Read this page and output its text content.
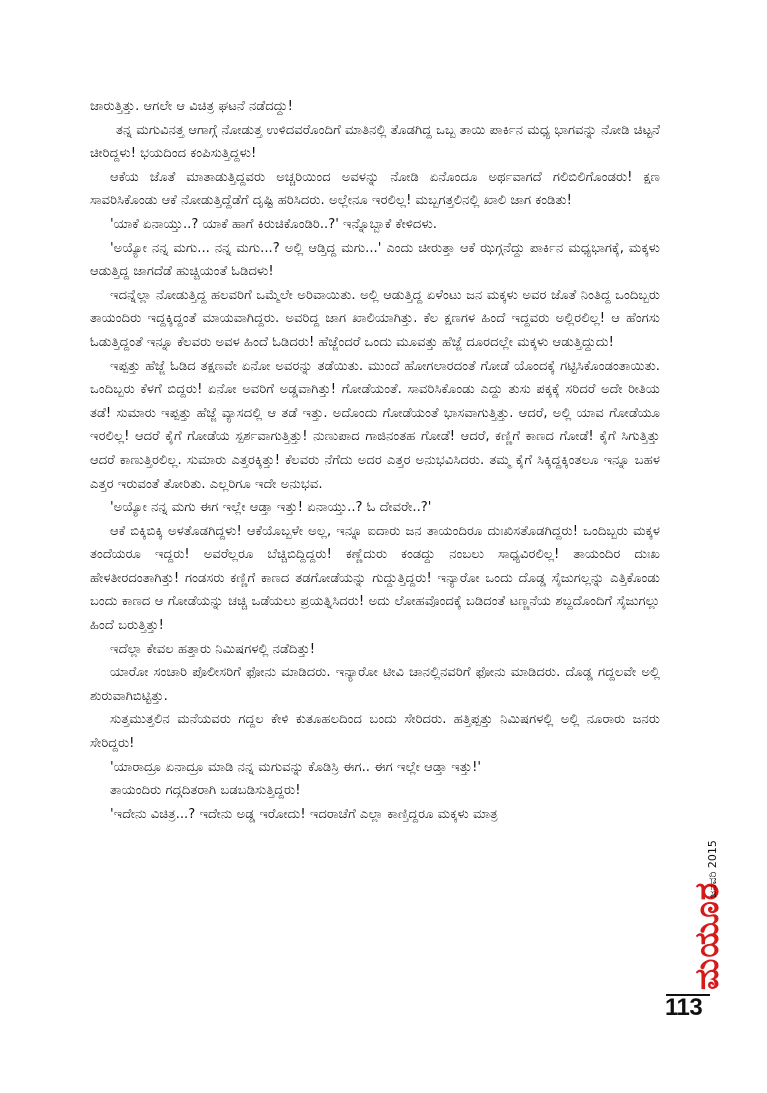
ಜಾರುತ್ತಿತ್ತು. ಆಗಲೇ ಆ ವಿಚಿತ್ರ ಘಟನೆ ನಡೆದದ್ದು!

ತನ್ನ ಮಗುವಿನತ್ತ ಆಗಾಗ್ಗೆ ನೋಡುತ್ತ ಉಳಿದವರೊಂದಿಗೆ ಮಾತಿನಲ್ಲಿ ತೊಡಗಿದ್ದ ಒಬ್ಬ ತಾಯಿ ಪಾರ್ಕಿನ ಮಧ್ಯ ಭಾಗವನ್ನು ನೋಡಿ ಚಿಟ್ಟನೆ ಚೀರಿದ್ದಳು! ಭಯದಿಂದ ಕಂಪಿಸುತ್ತಿದ್ದಳು!

ಆಕೆಯ ಜೊತೆ ಮಾತಾಡುತ್ತಿದ್ದವರು ಅಚ್ಚರಿಯಿಂದ ಅವಳನ್ನು ನೋಡಿ ಏನೊಂದೂ ಅರ್ಥವಾಗದೆ ಗಲಿಬಿಲಿಗೊಂಡರು! ಕ್ಷಣ ಸಾವರಿಸಿಕೊಂಡು ಆಕೆ ನೋಡುತ್ತಿದ್ದೆಡೆಗೆ ದೃಷ್ಟಿ ಹರಿಸಿದರು. ಅಲ್ಲೇನೂ ಇರಲಿಲ್ಲ! ಮಬ್ಬಗತ್ತಲಿನಲ್ಲಿ ಖಾಲಿ ಜಾಗ ಕಂಡಿತು!

'ಯಾಕೆ ಏನಾಯ್ತು..? ಯಾಕೆ ಹಾಗೆ ಕಿರುಚಿಕೊಂಡಿರಿ..?' ಇನ್ನೊಬ್ಬಾಕೆ ಕೇಳಿದಳು.

'ಅಯ್ಯೋ ನನ್ನ ಮಗು... ನನ್ನ ಮಗು...? ಅಲ್ಲಿ ಆಡ್ತಿದ್ದ ಮಗು...' ಎಂದು ಚೀರುತ್ತಾ ಆಕೆ ಝಗ್ಗನೆದ್ದು ಪಾರ್ಕಿನ ಮಧ್ಯಭಾಗಕ್ಕೆ, ಮಕ್ಕಳು ಆಡುತ್ತಿದ್ದ ಜಾಗದೆಡೆ ಹುಚ್ಚಿಯಂತೆ ಓಡಿದಳು!

ಇದನ್ನೆಲ್ಲಾ ನೋಡುತ್ತಿದ್ದ ಹಲವರಿಗೆ ಒಮ್ಮೆಲೇ ಅರಿವಾಯಿತು. ಅಲ್ಲಿ ಆಡುತ್ತಿದ್ದ ಏಳೆಂಟು ಜನ ಮಕ್ಕಳು ಅವರ ಜೊತೆ ನಿಂತಿದ್ದ ಒಂದಿಬ್ಬರು ತಾಯಂದಿರು ಇದ್ದಕ್ಕಿದ್ದಂತೆ ಮಾಯವಾಗಿದ್ದರು. ಅವರಿದ್ದ ಜಾಗ ಖಾಲಿಯಾಗಿತ್ತು. ಕೆಲ ಕ್ಷಣಗಳ ಹಿಂದೆ ಇದ್ದವರು ಅಲ್ಲಿರಲಿಲ್ಲ! ಆ ಹೆಂಗಸು ಓಡುತ್ತಿದ್ದಂತೆ ಇನ್ನೂ ಕೆಲವರು ಅವಳ ಹಿಂದೆ ಓಡಿದರು! ಹೆಜ್ಜೆಂದರೆ ಒಂದು ಮೂವತ್ತು ಹೆಜ್ಜೆ ದೂರದಲ್ಲೇ ಮಕ್ಕಳು ಆಡುತ್ತಿದ್ದುದು!

ಇಪ್ಪತ್ತು ಹೆಜ್ಜೆ ಓಡಿದ ತಕ್ಷಣವೇ ಏನೋ ಅವರನ್ನು ತಡೆಯಿತು. ಮುಂದೆ ಹೋಗಲಾರದಂತೆ ಗೋಡೆ ಯೊಂದಕ್ಕೆ ಗಟ್ಟಿಸಿಕೊಂಡಂತಾಯಿತು. ಒಂದಿಬ್ಬರು ಕೆಳಗೆ ಬಿದ್ದರು! ಏನೋ ಅವರಿಗೆ ಅಡ್ಡವಾಗಿತ್ತು! ಗೋಡೆಯಂತೆ. ಸಾವರಿಸಿಕೊಂಡು ಎದ್ದು ತುಸು ಪಕ್ಕಕ್ಕೆ ಸರಿದರೆ ಅದೇ ರೀತಿಯ ತಡೆ! ಸುಮಾರು ಇಪ್ಪತ್ತು ಹೆಜ್ಜೆ ವ್ಯಾಸದಲ್ಲಿ ಆ ತಡೆ ಇತ್ತು. ಅದೊಂದು ಗೋಡೆಯಂತೆ ಭಾಸವಾಗುತ್ತಿತ್ತು. ಆದರೆ, ಅಲ್ಲಿ ಯಾವ ಗೋಡೆಯೂ ಇರಲಿಲ್ಲ! ಆದರೆ ಕೈಗೆ ಗೋಡೆಯ ಸ್ಪರ್ಶವಾಗುತ್ತಿತ್ತು! ನುಣುಪಾದ ಗಾಜಿನಂತಹ ಗೋಡೆ! ಆದರೆ, ಕಣ್ಣಿಗೆ ಕಾಣದ ಗೋಡೆ! ಕೈಗೆ ಸಿಗುತ್ತಿತ್ತು ಆದರೆ ಕಾಣುತ್ತಿರಲಿಲ್ಲ. ಸುಮಾರು ಎತ್ತರಕ್ಕಿತ್ತು! ಕೆಲವರು ನೆಗೆದು ಅದರ ಎತ್ತರ ಅನುಭವಿಸಿದರು. ತಮ್ಮ ಕೈಗೆ ಸಿಕ್ಕಿದ್ದಕ್ಕಿಂತಲೂ ಇನ್ನೂ ಬಹಳ ಎತ್ತರ ಇರುವಂತೆ ತೋರಿತು. ಎಲ್ಲರಿಗೂ ಇದೇ ಅನುಭವ.

'ಅಯ್ಯೋ ನನ್ನ ಮಗು ಈಗ ಇಲ್ಲೇ ಆಡ್ತಾ ಇತ್ತು! ಏನಾಯ್ತು..? ಓ ದೇವರೇ..?'

ಆಕೆ ಬಿಕ್ಕಿಬಿಕ್ಕಿ ಅಳತೊಡಗಿದ್ದಳು! ಆಕೆಯೊಬ್ಬಳೇ ಅಲ್ಲ, ಇನ್ನೂ ಐದಾರು ಜನ ತಾಯಂದಿರೂ ದುಃಖಿಸತೊಡಗಿದ್ದರು! ಒಂದಿಬ್ಬರು ಮಕ್ಕಳ ತಂದೆಯರೂ ಇದ್ದರು! ಅವರೆಲ್ಲರೂ ಬೆಚ್ಚಿಬಿದ್ದಿದ್ದರು! ಕಣ್ಣೆದುರು ಕಂಡದ್ದು ನಂಬಲು ಸಾಧ್ಯವಿರಲಿಲ್ಲ! ತಾಯಂದಿರ ದುಃಖ ಹೇಳತೀರದಂತಾಗಿತ್ತು! ಗಂಡಸರು ಕಣ್ಣಿಗೆ ಕಾಣದ ತಡಗೋಡೆಯನ್ನು ಗುದ್ದುತ್ತಿದ್ದರು! ಇನ್ಯಾರೋ ಒಂದು ದೊಡ್ಡ ಸೈಜುಗಲ್ಲನ್ನು ಎತ್ತಿಕೊಂಡು ಬಂದು ಕಾಣದ ಆ ಗೋಡೆಯನ್ನು ಚಚ್ಚಿ ಒಡೆಯಲು ಪ್ರಯತ್ನಿಸಿದರು! ಅದು ಲೋಹವೊಂದಕ್ಕೆ ಬಡಿದಂತೆ ಟಣ್ಣನೆಯ ಶಬ್ದದೊಂದಿಗೆ ಸೈಜುಗಲ್ಲು ಹಿಂದೆ ಬರುತ್ತಿತ್ತು!

ಇದೆಲ್ಲಾ ಕೇವಲ ಹತ್ತಾರು ನಿಮಿಷಗಳಲ್ಲಿ ನಡೆದಿತ್ತು!

ಯಾರೋ ಸಂಚಾರಿ ಪೊಲೀಸರಿಗೆ ಫೋನು ಮಾಡಿದರು. ಇನ್ಯಾರೋ ಟೀವಿ ಚಾನಲ್ಲಿನವರಿಗೆ ಫೋನು ಮಾಡಿದರು. ದೊಡ್ಡ ಗದ್ದಲವೇ ಅಲ್ಲಿ ಶುರುವಾಗಿಬಿಟ್ಟಿತ್ತು.

ಸುತ್ತಮುತ್ತಲಿನ ಮನೆಯವರು ಗದ್ದಲ ಕೇಳಿ ಕುತೂಹಲದಿಂದ ಬಂದು ಸೇರಿದರು. ಹತ್ತಿಪ್ಪತ್ತು ನಿಮಿಷಗಳಲ್ಲಿ ಅಲ್ಲಿ ನೂರಾರು ಜನರು ಸೇರಿದ್ದರು!

'ಯಾರಾದ್ರೂ ಏನಾದ್ರೂ ಮಾಡಿ ನನ್ನ ಮಗುವನ್ನು ಕೊಡಿಸ್ರಿ ಈಗ.. ಈಗ ಇಲ್ಲೇ ಆಡ್ತಾ ಇತ್ತು!'

ತಾಯಂದಿರು ಗದ್ಗದಿತರಾಗಿ ಬಡಬಡಿಸುತ್ತಿದ್ದರು!

'ಇದೇನು ವಿಚಿತ್ರ...? ಇದೇನು ಅಡ್ಡ ಇರೋದು! ಇದರಾಚೆಗೆ ಎಲ್ಲಾ ಕಾಣ್ತಿದ್ದರೂ ಮಕ್ಕಳು ಮಾತ್ರ

ಮಯೂರ
ಜನವರಿ 2015
113
